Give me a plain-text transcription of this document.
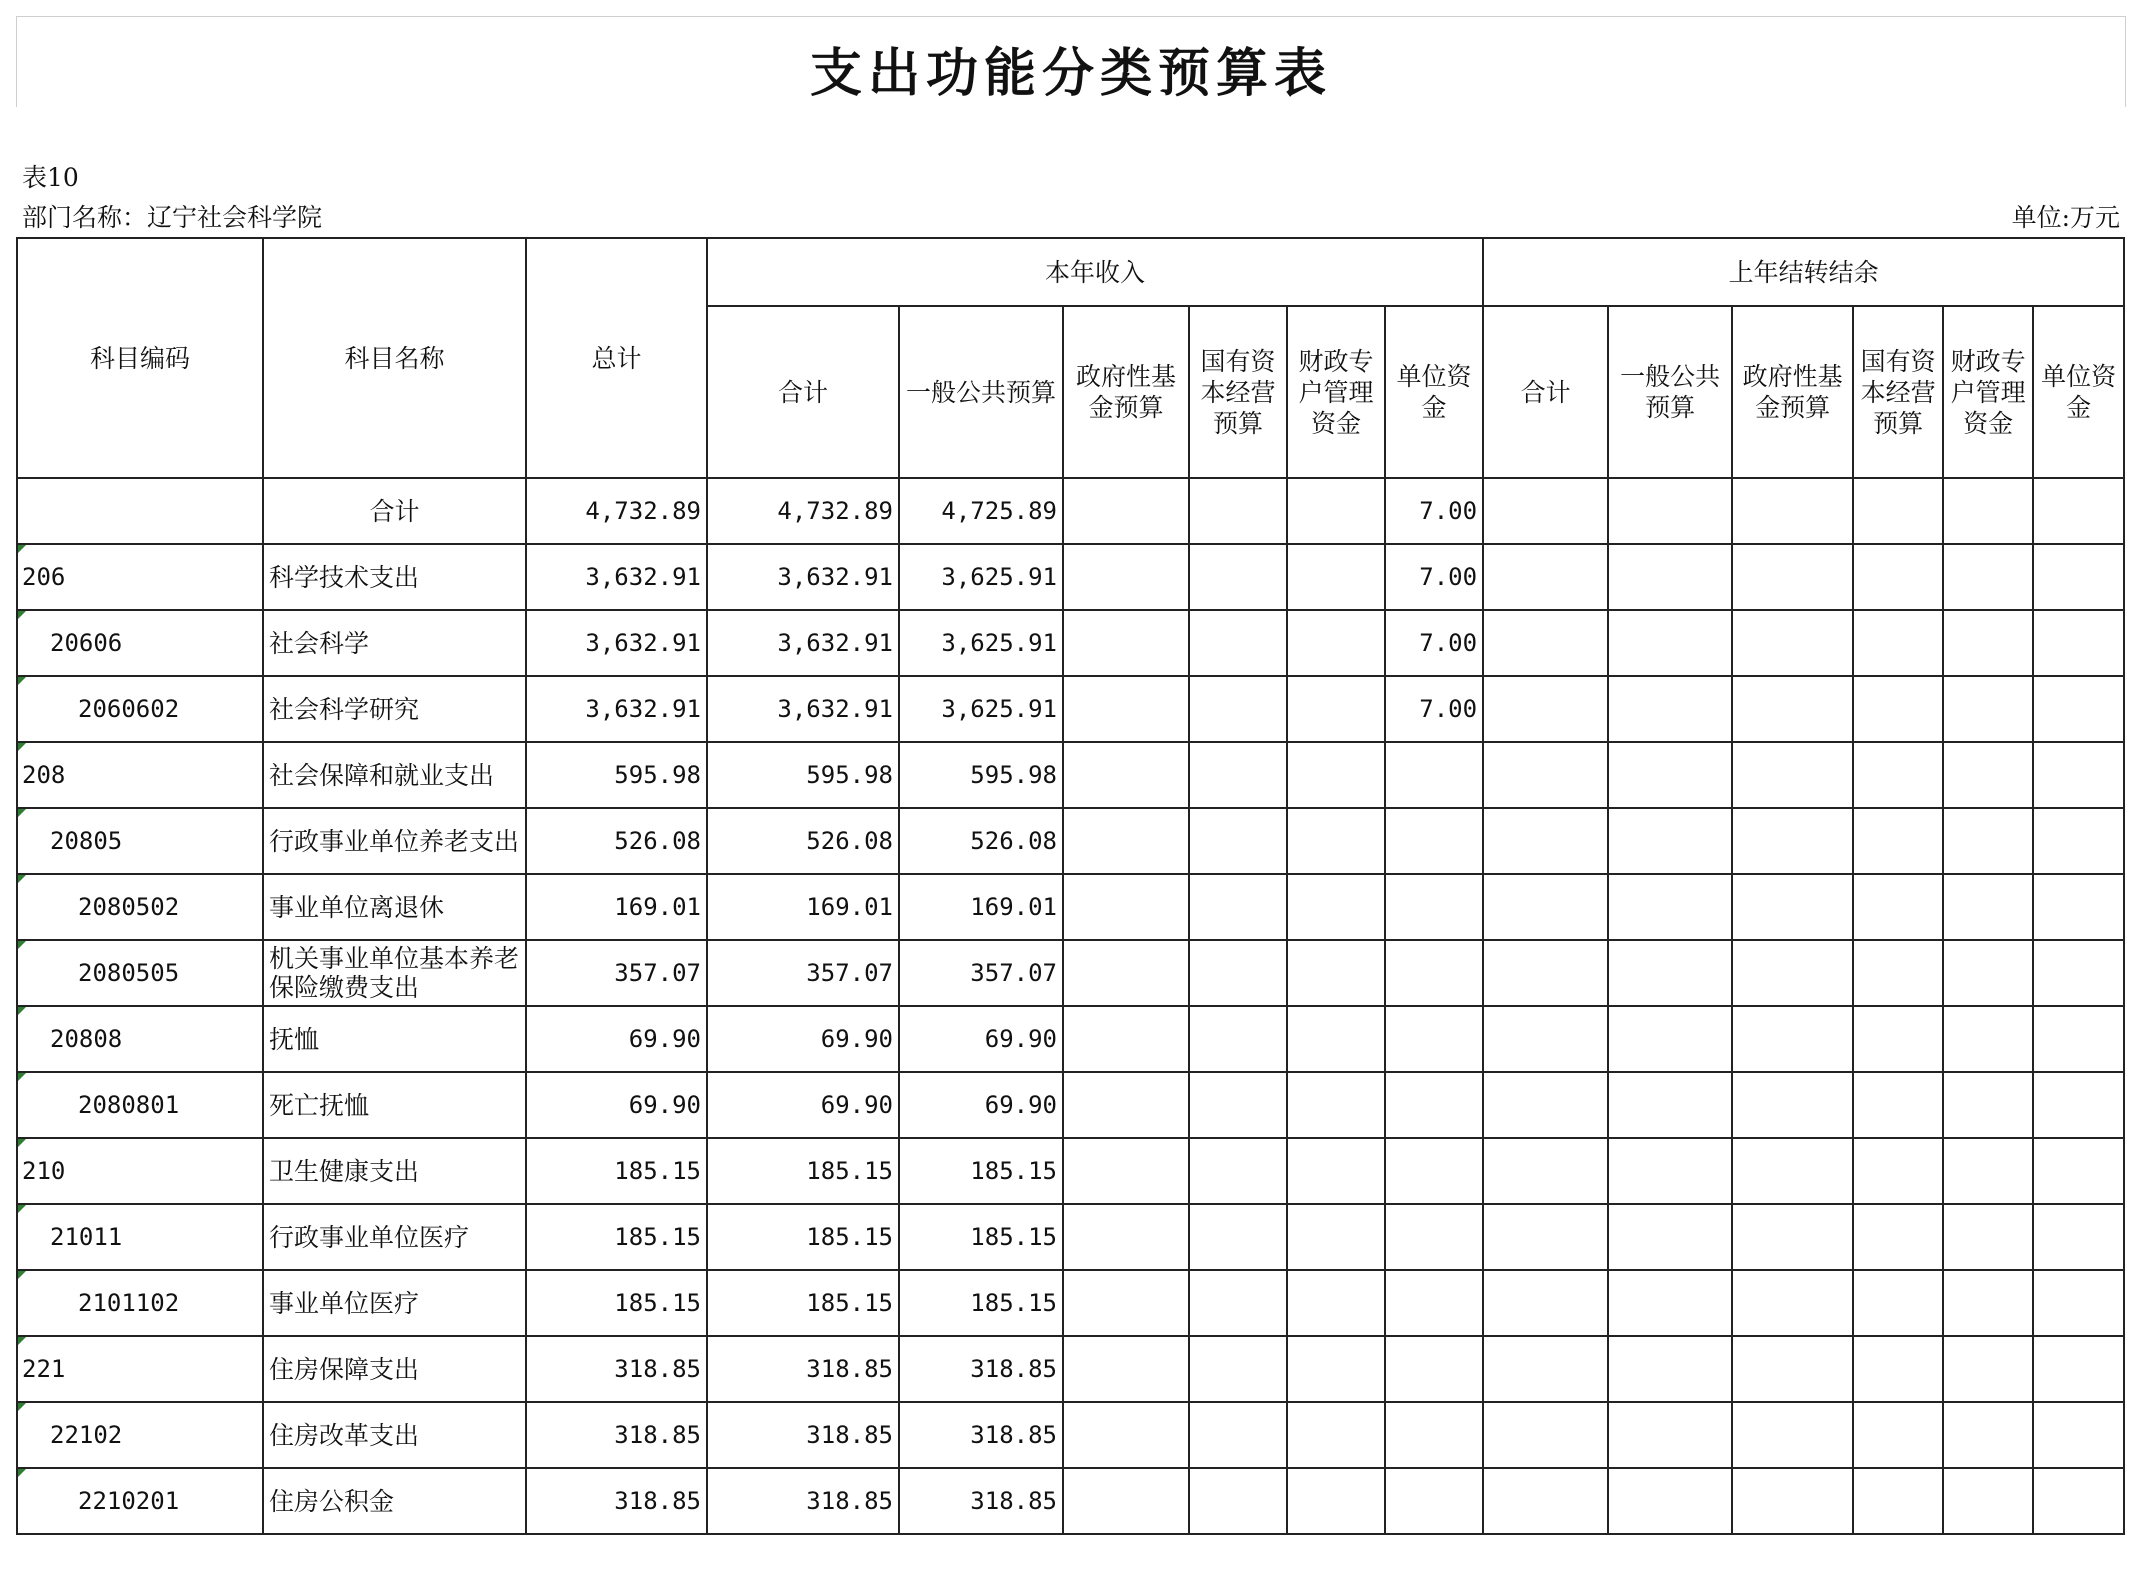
支出功能分类预算表
表10
部门名称：辽宁社会科学院	单位:万元
科目编码	科目名称	总计	本年收入						上年结转结余					
			合计	一般公共预算	政府性基金预算	国有资本经营预算	财政专户管理资金	单位资金	合计	一般公共预算	政府性基金预算	国有资本经营预算	财政专户管理资金	单位资金
	合计	4,732.89	4,732.89	4,725.89				7.00						
206	科学技术支出	3,632.91	3,632.91	3,625.91				7.00						
20606	社会科学	3,632.91	3,632.91	3,625.91				7.00						
2060602	社会科学研究	3,632.91	3,632.91	3,625.91				7.00						
208	社会保障和就业支出	595.98	595.98	595.98										
20805	行政事业单位养老支出	526.08	526.08	526.08										
2080502	事业单位离退休	169.01	169.01	169.01										
2080505	机关事业单位基本养老保险缴费支出	357.07	357.07	357.07										
20808	抚恤	69.90	69.90	69.90										
2080801	死亡抚恤	69.90	69.90	69.90										
210	卫生健康支出	185.15	185.15	185.15										
21011	行政事业单位医疗	185.15	185.15	185.15										
2101102	事业单位医疗	185.15	185.15	185.15										
221	住房保障支出	318.85	318.85	318.85										
22102	住房改革支出	318.85	318.85	318.85										
2210201	住房公积金	318.85	318.85	318.85										
